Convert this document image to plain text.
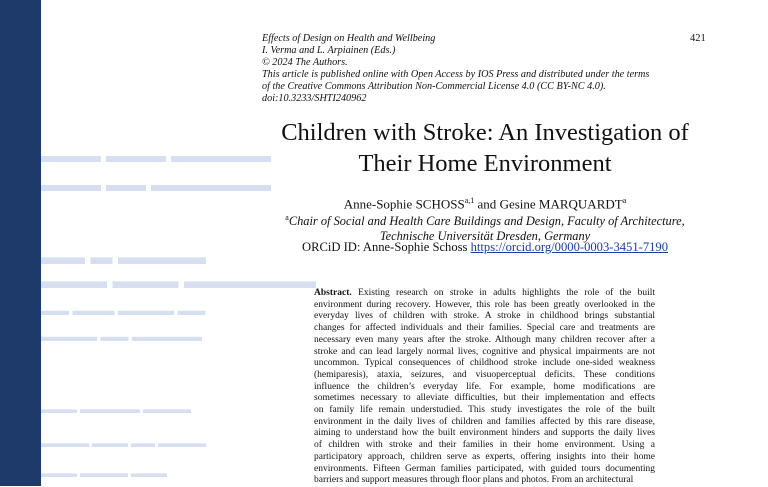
▬▬▬ ▬▬▬ ▬▬▬▬▬
▬▬▬ ▬▬ ▬▬▬▬▬▬
▬▬ ▬ ▬▬▬▬
▬▬▬ ▬▬▬ ▬▬▬▬▬▬
▬▬ ▬▬▬ ▬▬▬▬ ▬▬
▬▬▬▬ ▬▬ ▬▬▬▬▬
▬▬▬ ▬▬▬▬▬ ▬▬▬▬
▬▬▬▬ ▬▬▬ ▬▬ ▬▬▬▬
▬▬▬ ▬▬▬▬ ▬▬▬
Effects of Design on Health and Wellbeing
I. Verma and L. Arpiainen (Eds.)
© 2024 The Authors.
This article is published online with Open Access by IOS Press and distributed under the terms
of the Creative Commons Attribution Non-Commercial License 4.0 (CC BY-NC 4.0).
doi:10.3233/SHTI240962
421
Children with Stroke: An Investigation of
Their Home Environment
Anne-Sophie SCHOSS$^{a,1}$ and Gesine MARQUARDT$^a$
$^a$Chair of Social and Health Care Buildings and Design, Faculty of Architecture,
Technische Universität Dresden, Germany
ORCiD ID: Anne-Sophie Schoss https://orcid.org/0000-0003-3451-7190
Abstract. Existing research on stroke in adults highlights the role of the built
environment during recovery. However, this role has been greatly overlooked in the
everyday lives of children with stroke. A stroke in childhood brings substantial
changes for affected individuals and their families. Special care and treatments are
necessary even many years after the stroke. Although many children recover after a
stroke and can lead largely normal lives, cognitive and physical impairments are not
uncommon. Typical consequences of childhood stroke include one-sided weakness
(hemiparesis), ataxia, seizures, and visuoperceptual deficits. These conditions
influence the children’s everyday life. For example, home modifications are
sometimes necessary to alleviate difficulties, but their implementation and effects
on family life remain understudied. This study investigates the role of the built
environment in the daily lives of children and families affected by this rare disease,
aiming to understand how the built environment hinders and supports the daily lives
of children with stroke and their families in their home environment. Using a
participatory approach, children serve as experts, offering insights into their home
environments. Fifteen German families participated, with guided tours documenting
barriers and support measures through floor plans and photos. From an architectural
